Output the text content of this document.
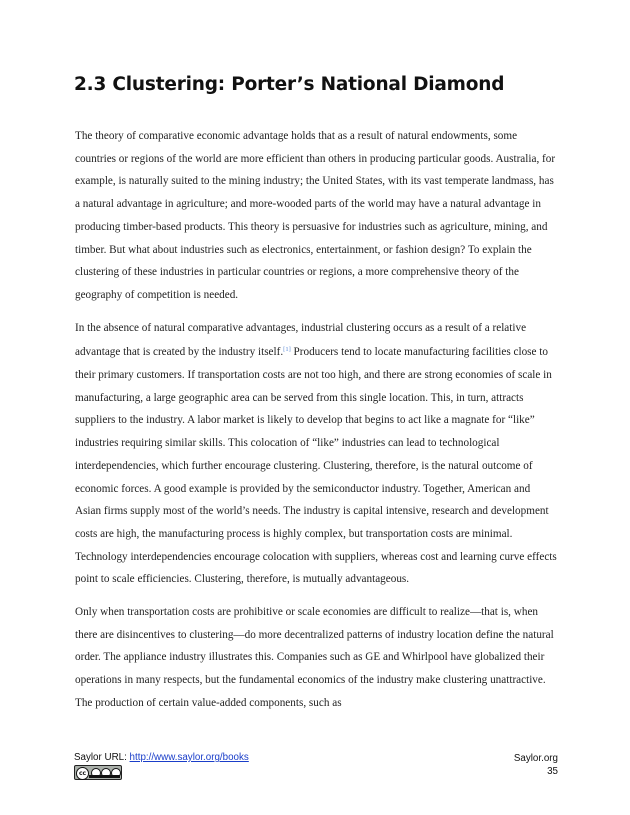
2.3 Clustering: Porter’s National Diamond

The theory of comparative economic advantage holds that as a result of natural endowments, some countries or regions of the world are more efficient than others in producing particular goods. Australia, for example, is naturally suited to the mining industry; the United States, with its vast temperate landmass, has a natural advantage in agriculture; and more-wooded parts of the world may have a natural advantage in producing timber-based products. This theory is persuasive for industries such as agriculture, mining, and timber. But what about industries such as electronics, entertainment, or fashion design? To explain the clustering of these industries in particular countries or regions, a more comprehensive theory of the geography of competition is needed.

In the absence of natural comparative advantages, industrial clustering occurs as a result of a relative advantage that is created by the industry itself.[1] Producers tend to locate manufacturing facilities close to their primary customers. If transportation costs are not too high, and there are strong economies of scale in manufacturing, a large geographic area can be served from this single location. This, in turn, attracts suppliers to the industry. A labor market is likely to develop that begins to act like a magnate for “like” industries requiring similar skills. This colocation of “like” industries can lead to technological interdependencies, which further encourage clustering. Clustering, therefore, is the natural outcome of economic forces. A good example is provided by the semiconductor industry. Together, American and Asian firms supply most of the world’s needs. The industry is capital intensive, research and development costs are high, the manufacturing process is highly complex, but transportation costs are minimal. Technology interdependencies encourage colocation with suppliers, whereas cost and learning curve effects point to scale efficiencies. Clustering, therefore, is mutually advantageous.

Only when transportation costs are prohibitive or scale economies are difficult to realize—that is, when there are disincentives to clustering—do more decentralized patterns of industry location define the natural order. The appliance industry illustrates this. Companies such as GE and Whirlpool have globalized their operations in many respects, but the fundamental economics of the industry make clustering unattractive. The production of certain value-added components, such as

Saylor URL: http://www.saylor.org/books
cc
Saylor.org
35
